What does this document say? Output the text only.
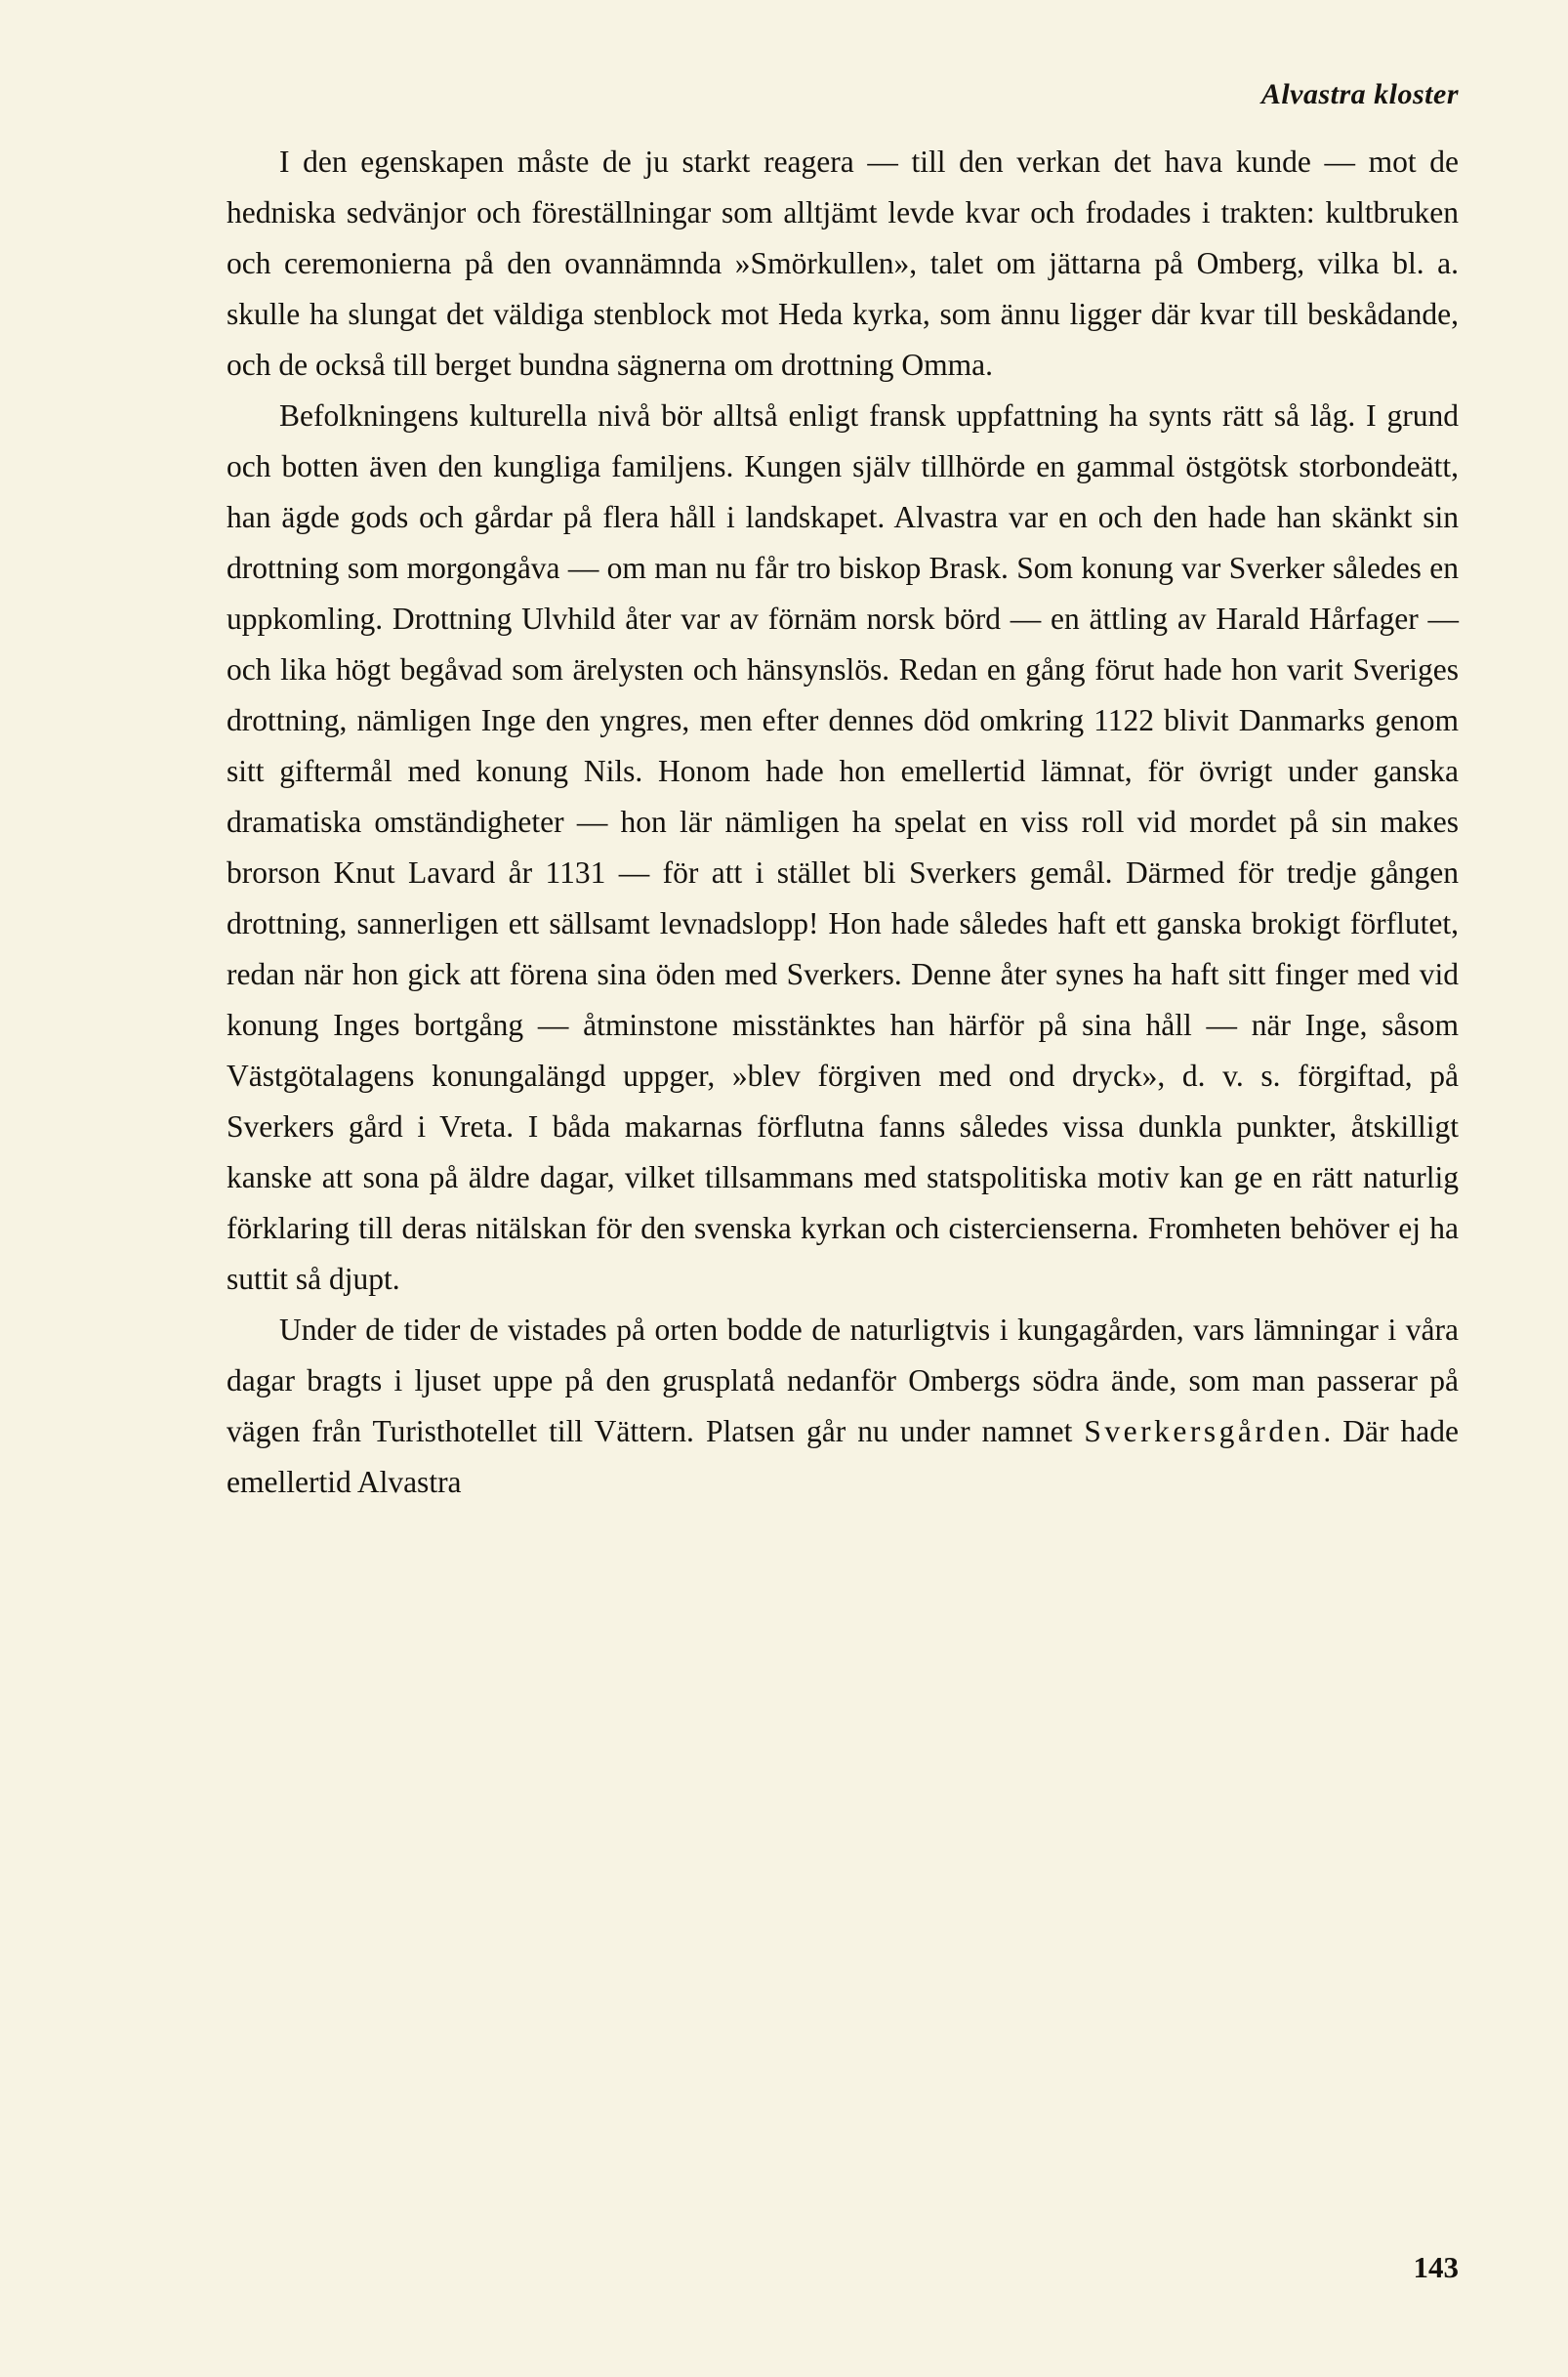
Alvastra kloster

I den egenskapen måste de ju starkt reagera — till den verkan det hava kunde — mot de hedniska sedvänjor och föreställningar som alltjämt levde kvar och frodades i trakten: kultbruken och ceremonierna på den ovannämnda »Smörkullen», talet om jättarna på Omberg, vilka bl. a. skulle ha slungat det väldiga stenblock mot Heda kyrka, som ännu ligger där kvar till beskådande, och de också till berget bundna sägnerna om drottning Omma.

Befolkningens kulturella nivå bör alltså enligt fransk uppfattning ha synts rätt så låg. I grund och botten även den kungliga familjens. Kungen själv tillhörde en gammal östgötsk storbondeätt, han ägde gods och gårdar på flera håll i landskapet. Alvastra var en och den hade han skänkt sin drottning som morgongåva — om man nu får tro biskop Brask. Som konung var Sverker således en uppkomling. Drottning Ulvhild åter var av förnäm norsk börd — en ättling av Harald Hårfager — och lika högt begåvad som ärelysten och hänsynslös. Redan en gång förut hade hon varit Sveriges drottning, nämligen Inge den yngres, men efter dennes död omkring 1122 blivit Danmarks genom sitt giftermål med konung Nils. Honom hade hon emellertid lämnat, för övrigt under ganska dramatiska omständigheter — hon lär nämligen ha spelat en viss roll vid mordet på sin makes brorson Knut Lavard år 1131 — för att i stället bli Sverkers gemål. Därmed för tredje gången drottning, sannerligen ett sällsamt levnadslopp! Hon hade således haft ett ganska brokigt förflutet, redan när hon gick att förena sina öden med Sverkers. Denne åter synes ha haft sitt finger med vid konung Inges bortgång — åtminstone misstänktes han härför på sina håll — när Inge, såsom Västgötalagens konungalängd uppger, »blev förgiven med ond dryck», d. v. s. förgiftad, på Sverkers gård i Vreta. I båda makarnas förflutna fanns således vissa dunkla punkter, åtskilligt kanske att sona på äldre dagar, vilket tillsammans med statspolitiska motiv kan ge en rätt naturlig förklaring till deras nitälskan för den svenska kyrkan och cistercienserna. Fromheten behöver ej ha suttit så djupt.

Under de tider de vistades på orten bodde de naturligtvis i kungagården, vars lämningar i våra dagar bragts i ljuset uppe på den grusplatå nedanför Ombergs södra ände, som man passerar på vägen från Turisthotellet till Vättern. Platsen går nu under namnet Sverkersgården. Där hade emellertid Alvastra

143
